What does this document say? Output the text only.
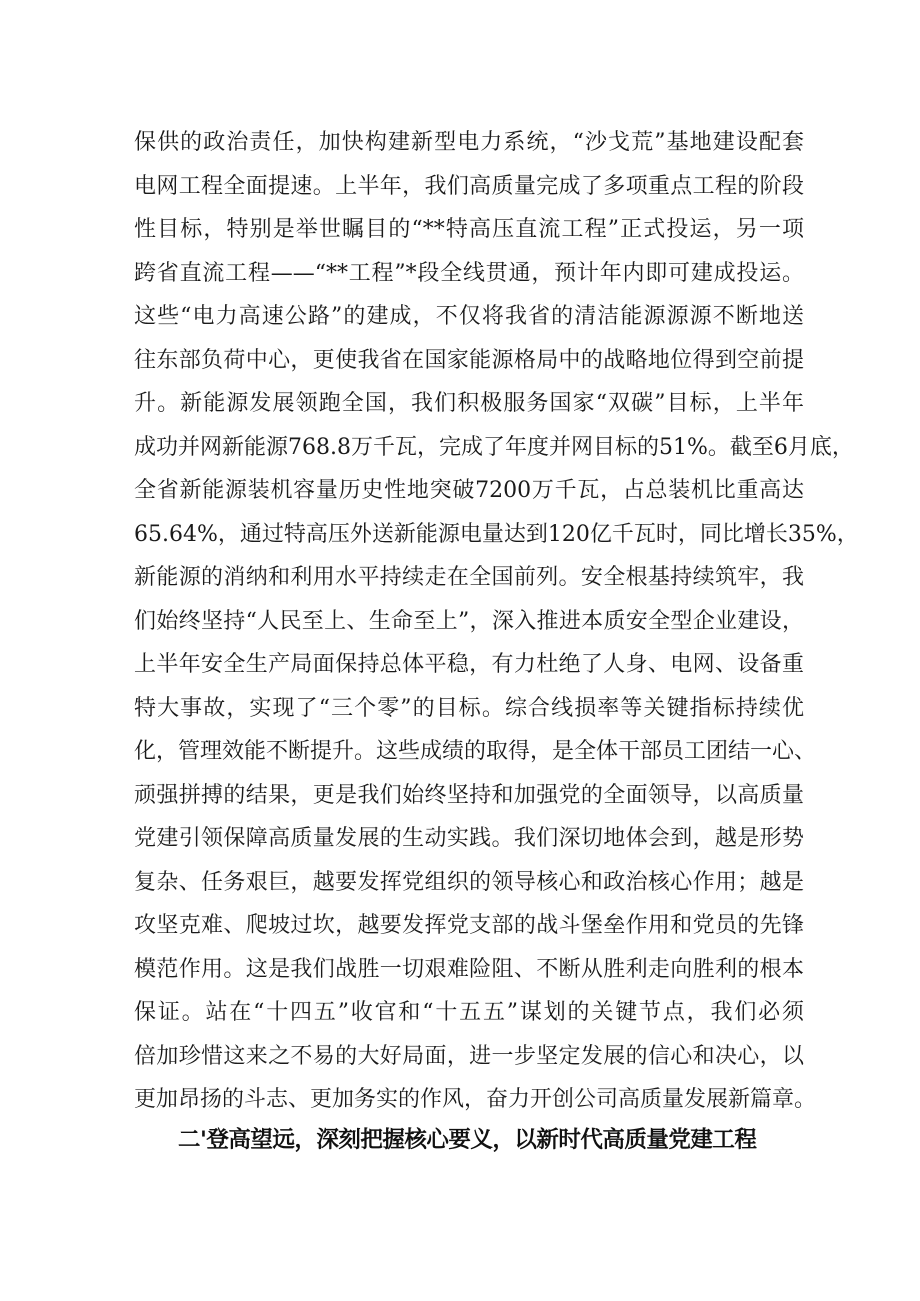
保供的政治责任，加快构建新型电力系统，“沙戈荒”基地建设配套
电网工程全面提速。上半年，我们高质量完成了多项重点工程的阶段
性目标，特别是举世瞩目的“**特高压直流工程”正式投运，另一项
跨省直流工程——“**工程”*段全线贯通，预计年内即可建成投运。
这些“电力高速公路”的建成，不仅将我省的清洁能源源源不断地送
往东部负荷中心，更使我省在国家能源格局中的战略地位得到空前提
升。新能源发展领跑全国，我们积极服务国家“双碳”目标，上半年
成功并网新能源768.8万千瓦，完成了年度并网目标的51%。截至6月底，
全省新能源装机容量历史性地突破7200万千瓦，占总装机比重高达
65.64%，通过特高压外送新能源电量达到120亿千瓦时，同比增长35%，
新能源的消纳和利用水平持续走在全国前列。安全根基持续筑牢，我
们始终坚持“人民至上、生命至上”，深入推进本质安全型企业建设，
上半年安全生产局面保持总体平稳，有力杜绝了人身、电网、设备重
特大事故，实现了“三个零”的目标。综合线损率等关键指标持续优
化，管理效能不断提升。这些成绩的取得，是全体干部员工团结一心、
顽强拼搏的结果，更是我们始终坚持和加强党的全面领导，以高质量
党建引领保障高质量发展的生动实践。我们深切地体会到，越是形势
复杂、任务艰巨，越要发挥党组织的领导核心和政治核心作用；越是
攻坚克难、爬坡过坎，越要发挥党支部的战斗堡垒作用和党员的先锋
模范作用。这是我们战胜一切艰难险阻、不断从胜利走向胜利的根本
保证。站在“十四五”收官和“十五五”谋划的关键节点，我们必须
倍加珍惜这来之不易的大好局面，进一步坚定发展的信心和决心，以
更加昂扬的斗志、更加务实的作风，奋力开创公司高质量发展新篇章。
二'登高望远，深刻把握核心要义，以新时代高质量党建工程
